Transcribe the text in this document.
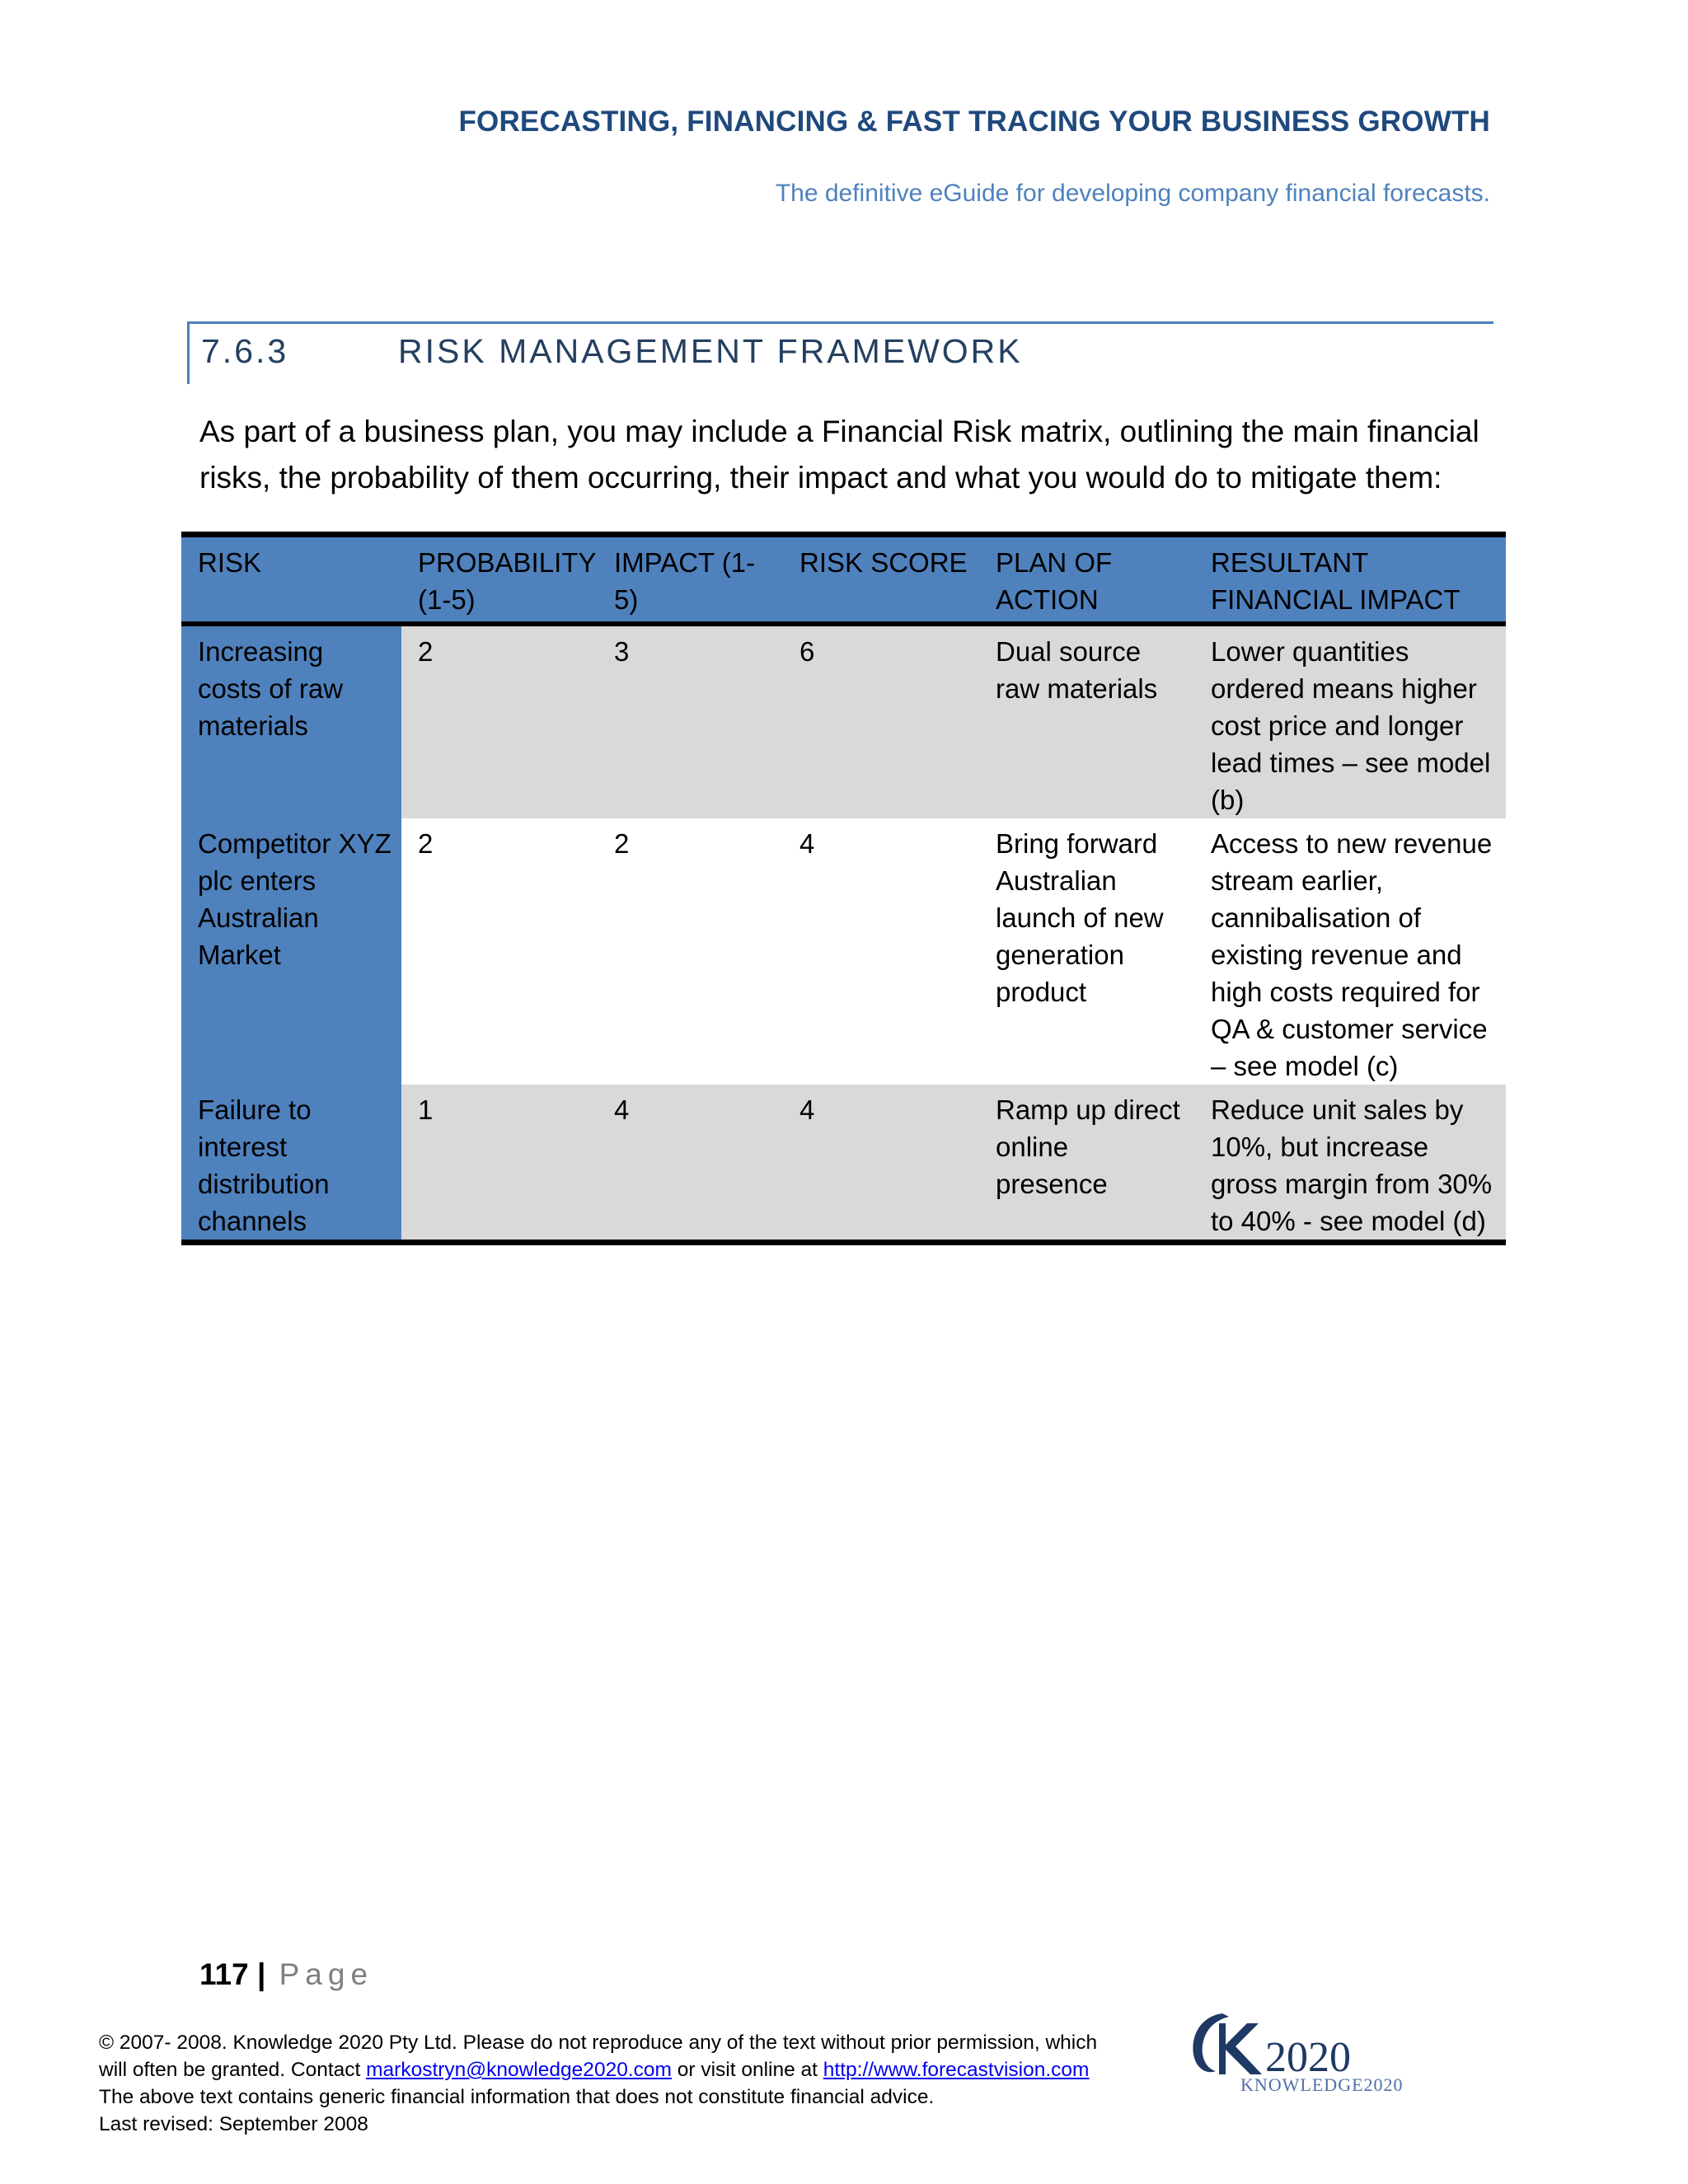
FORECASTING, FINANCING & FAST TRACING YOUR BUSINESS GROWTH
The definitive eGuide for developing company financial forecasts.
7.6.3	RISK MANAGEMENT FRAMEWORK
As part of a business plan, you may include a Financial Risk matrix, outlining the main financial risks, the probability of them occurring, their impact and what you would do to mitigate them:
RISK	PROBABILITY (1-5)	IMPACT (1-5)	RISK SCORE	PLAN OF ACTION	RESULTANT FINANCIAL IMPACT
Increasing costs of raw materials	2	3	6	Dual source raw materials	Lower quantities ordered means higher cost price and longer lead times – see model (b)
Competitor XYZ plc enters Australian Market	2	2	4	Bring forward Australian launch of new generation product	Access to new revenue stream earlier, cannibalisation of existing revenue and high costs required for QA & customer service – see model (c)
Failure to interest distribution channels	1	4	4	Ramp up direct online presence	Reduce unit sales by 10%, but increase gross margin from 30% to 40% - see model (d)
117 | Page
© 2007- 2008. Knowledge 2020 Pty Ltd. Please do not reproduce any of the text without prior permission, which
will often be granted. Contact markostryn@knowledge2020.com or visit online at http://www.forecastvision.com
The above text contains generic financial information that does not constitute financial advice.
Last revised: September 2008
2020
KNOWLEDGE2020
